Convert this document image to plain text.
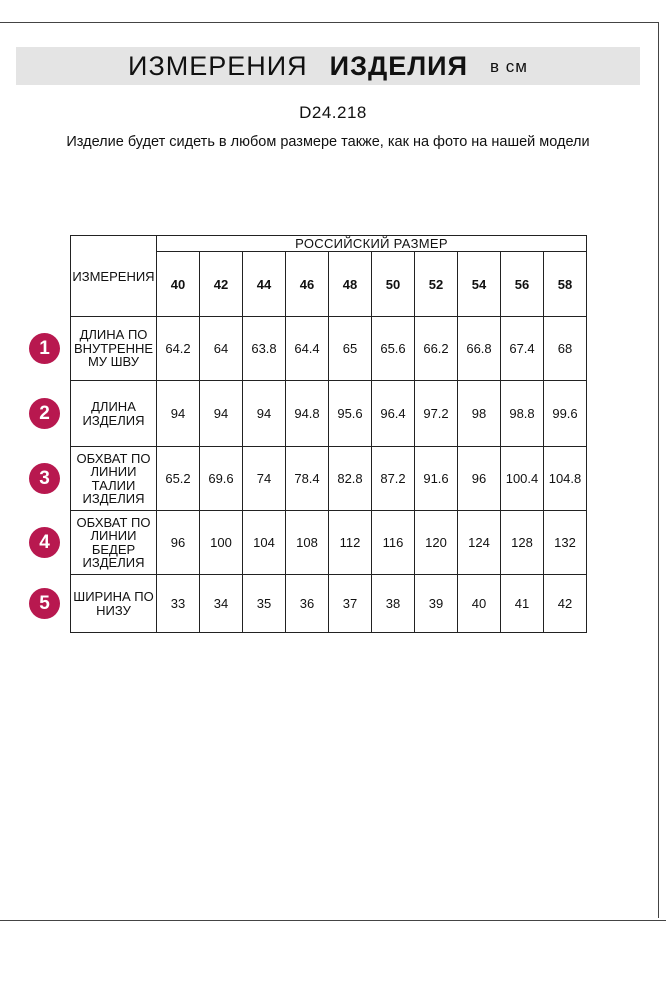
ИЗМЕРЕНИЯ ИЗДЕЛИЯ в см
D24.218
Изделие будет сидеть в любом размере также, как на фото на нашей модели
ИЗМЕРЕНИЯ	РОССИЙСКИЙ РАЗМЕР									
	40	42	44	46	48	50	52	54	56	58
ДЛИНА ПО ВНУТРЕННЕ МУ ШВУ	64.2	64	63.8	64.4	65	65.6	66.2	66.8	67.4	68
ДЛИНА ИЗДЕЛИЯ	94	94	94	94.8	95.6	96.4	97.2	98	98.8	99.6
ОБХВАТ ПО ЛИНИИ ТАЛИИ ИЗДЕЛИЯ	65.2	69.6	74	78.4	82.8	87.2	91.6	96	100.4	104.8
ОБХВАТ ПО ЛИНИИ БЕДЕР ИЗДЕЛИЯ	96	100	104	108	112	116	120	124	128	132
ШИРИНА ПО НИЗУ	33	34	35	36	37	38	39	40	41	42
1
2
3
4
5
